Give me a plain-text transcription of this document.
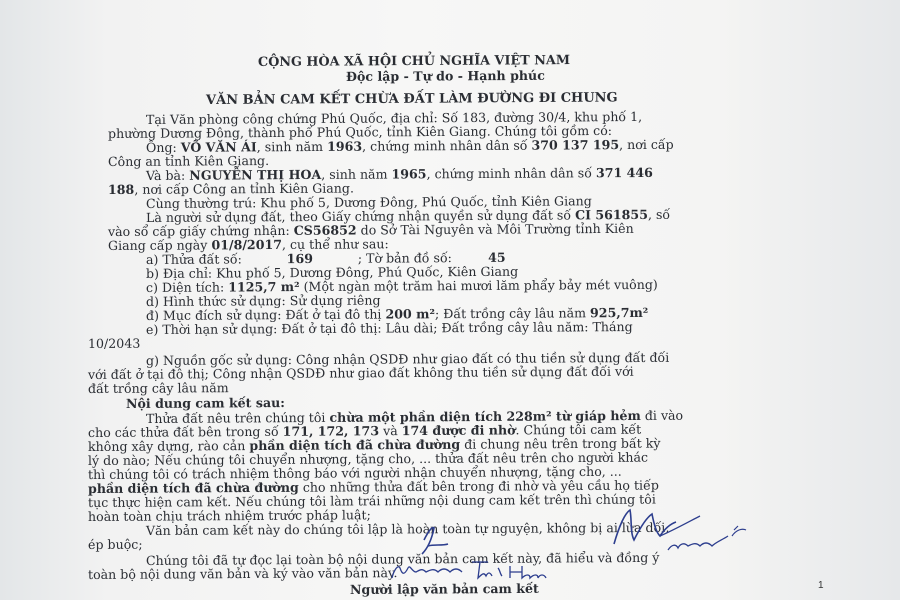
CỘNG HÒA XÃ HỘI CHỦ NGHĨA VIỆT NAM
Độc lập - Tự do - Hạnh phúc
VĂN BẢN CAM KẾT CHỪA ĐẤT LÀM ĐƯỜNG ĐI CHUNG
Tại Văn phòng công chứng Phú Quốc, địa chỉ: Số 183, đường 30/4, khu phố 1,
phường Dương Đông, thành phố Phú Quốc, tỉnh Kiên Giang. Chúng tôi gồm có:
Ông: VÕ VĂN ÁI, sinh năm 1963, chứng minh nhân dân số 370 137 195, nơi cấp
Công an tỉnh Kiên Giang.
Và bà: NGUYỄN THỊ HOA, sinh năm 1965, chứng minh nhân dân số 371 446
188, nơi cấp Công an tỉnh Kiên Giang.
Cùng thường trú: Khu phố 5, Dương Đông, Phú Quốc, tỉnh Kiên Giang
Là người sử dụng đất, theo Giấy chứng nhận quyền sử dụng đất số CI 561855, số
vào sổ cấp giấy chứng nhận: CS56852 do Sở Tài Nguyên và Môi Trường tỉnh Kiên
Giang cấp ngày 01/8/2017, cụ thể như sau:
a) Thửa đất số:	169	; Tờ bản đồ số:	45
b) Địa chỉ: Khu phố 5, Dương Đông, Phú Quốc, Kiên Giang
c) Diện tích: 1125,7 m² (Một ngàn một trăm hai mươi lăm phẩy bảy mét vuông)
d) Hình thức sử dụng: Sử dụng riêng
đ) Mục đích sử dụng: Đất ở tại đô thị 200 m²; Đất trồng cây lâu năm 925,7m²
e) Thời hạn sử dụng: Đất ở tại đô thị: Lâu dài; Đất trồng cây lâu năm: Tháng
10/2043
g) Nguồn gốc sử dụng: Công nhận QSDĐ như giao đất có thu tiền sử dụng đất đối
với đất ở tại đô thị; Công nhận QSDĐ như giao đất không thu tiền sử dụng đất đối với
đất trồng cây lâu năm
Nội dung cam kết sau:
Thửa đất nêu trên chúng tôi chừa một phần diện tích 228m² từ giáp hẻm đi vào
cho các thửa đất bên trong số 171, 172, 173 và 174 được đi nhờ. Chúng tôi cam kết
không xây dựng, rào cản phần diện tích đã chừa đường đi chung nêu trên trong bất kỳ
lý do nào; Nếu chúng tôi chuyển nhượng, tặng cho, ... thửa đất nêu trên cho người khác
thì chúng tôi có trách nhiệm thông báo với người nhận chuyển nhượng, tặng cho, ...
phần diện tích đã chừa đường cho những thửa đất bên trong đi nhờ và yêu cầu họ tiếp
tục thực hiện cam kết. Nếu chúng tôi làm trái những nội dung cam kết trên thì chúng tôi
hoàn toàn chịu trách nhiệm trước pháp luật;
Văn bản cam kết này do chúng tôi lập là hoàn toàn tự nguyện, không bị ai lừa dối,
ép buộc;
Chúng tôi đã tự đọc lại toàn bộ nội dung văn bản cam kết này, đã hiểu và đồng ý
toàn bộ nội dung văn bản và ký vào văn bản này.
Người lập văn bản cam kết	1
